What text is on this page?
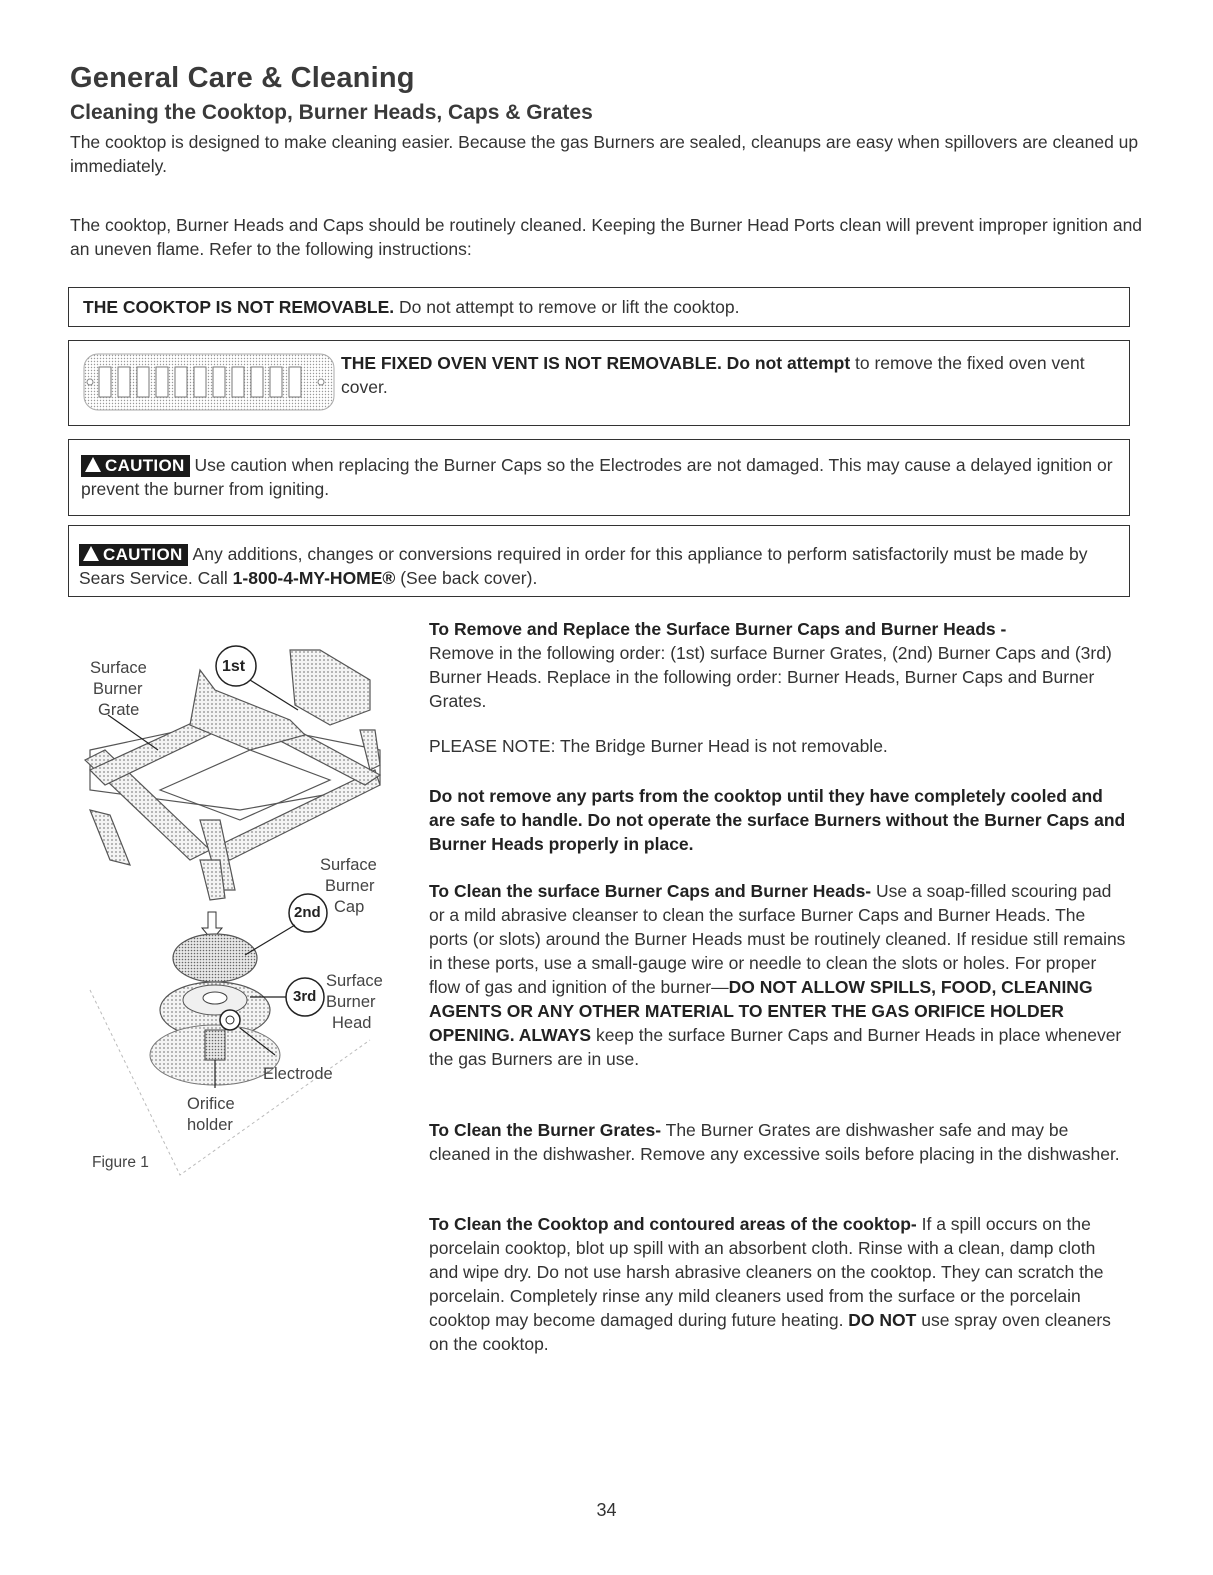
General Care & Cleaning
Cleaning the Cooktop, Burner Heads, Caps & Grates

The cooktop is designed to make cleaning easier. Because the gas Burners are sealed, cleanups are easy when spillovers are cleaned up immediately.

The cooktop, Burner Heads and Caps should be routinely cleaned. Keeping the Burner Head Ports clean will prevent improper ignition and an uneven flame. Refer to the following instructions:

THE COOKTOP IS NOT REMOVABLE. Do not attempt to remove or lift the cooktop.

THE FIXED OVEN VENT IS NOT REMOVABLE. Do not attempt to remove the fixed oven vent cover.

CAUTION Use caution when replacing the Burner Caps so the Electrodes are not damaged. This may cause a delayed ignition or prevent the burner from igniting.

CAUTION Any additions, changes or conversions required in order for this appliance to perform satisfactorily must be made by Sears Service. Call 1-800-4-MY-HOME® (See back cover).

Surface
Burner
Grate
1st
Surface
Burner
Cap
2nd
Surface
Burner
Head
3rd
Electrode
Orifice
holder
Figure 1

To Remove and Replace the Surface Burner Caps and Burner Heads -
Remove in the following order: (1st) surface Burner Grates, (2nd) Burner Caps and (3rd) Burner Heads. Replace in the following order: Burner Heads, Burner Caps and Burner Grates.

PLEASE NOTE: The Bridge Burner Head is not removable.
Do not remove any parts from the cooktop until they have completely cooled and are safe to handle. Do not operate the surface Burners without the Burner Caps and Burner Heads properly in place.

To Clean the surface Burner Caps and Burner Heads- Use a soap-filled scouring pad or a mild abrasive cleanser to clean the surface Burner Caps and Burner Heads. The ports (or slots) around the Burner Heads must be routinely cleaned. If residue still remains in these ports, use a small-gauge wire or needle to clean the slots or holes. For proper flow of gas and ignition of the burner—DO NOT ALLOW SPILLS, FOOD, CLEANING AGENTS OR ANY OTHER MATERIAL TO ENTER THE GAS ORIFICE HOLDER OPENING. ALWAYS keep the surface Burner Caps and Burner Heads in place whenever the gas Burners are in use.

To Clean the Burner Grates- The Burner Grates are dishwasher safe and may be cleaned in the dishwasher. Remove any excessive soils before placing in the dishwasher.

To Clean the Cooktop and contoured areas of the cooktop- If a spill occurs on the porcelain cooktop, blot up spill with an absorbent cloth. Rinse with a clean, damp cloth and wipe dry. Do not use harsh abrasive cleaners on the cooktop. They can scratch the porcelain. Completely rinse any mild cleaners used from the surface or the porcelain cooktop may become damaged during future heating. DO NOT use spray oven cleaners on the cooktop.

34
